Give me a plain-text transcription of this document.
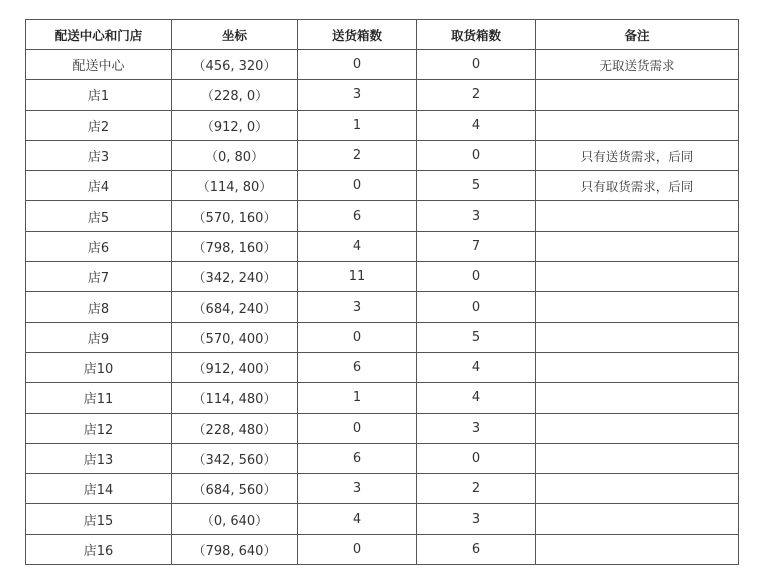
配送中心和门店	坐标	送货箱数	取货箱数	备注
配送中心	（456, 320）	0	0	无取送货需求
店1	（228, 0）	3	2	
店2	（912, 0）	1	4	
店3	（0, 80）	2	0	只有送货需求，后同
店4	（114, 80）	0	5	只有取货需求，后同
店5	（570, 160）	6	3	
店6	（798, 160）	4	7	
店7	（342, 240）	11	0	
店8	（684, 240）	3	0	
店9	（570, 400）	0	5	
店10	（912, 400）	6	4	
店11	（114, 480）	1	4	
店12	（228, 480）	0	3	
店13	（342, 560）	6	0	
店14	（684, 560）	3	2	
店15	（0, 640）	4	3	
店16	（798, 640）	0	6	
